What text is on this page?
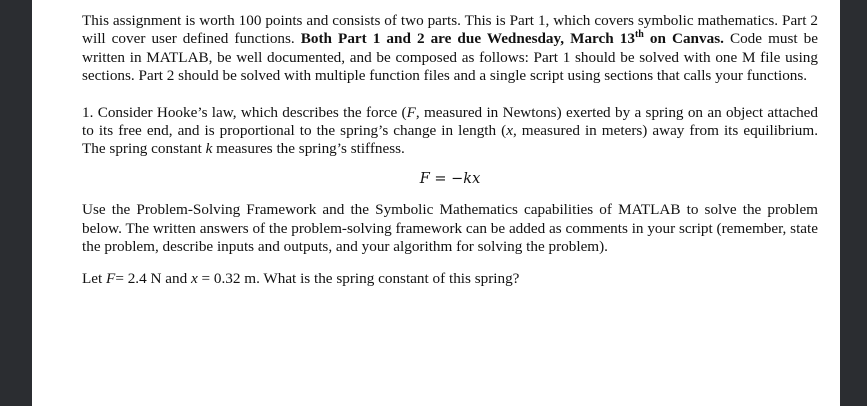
This assignment is worth 100 points and consists of two parts. This is Part 1, which covers symbolic mathematics. Part 2 will cover user defined functions. Both Part 1 and 2 are due Wednesday, March 13th on Canvas. Code must be written in MATLAB, be well documented, and be composed as follows: Part 1 should be solved with one M file using sections. Part 2 should be solved with multiple function files and a single script using sections that calls your functions.

1. Consider Hooke’s law, which describes the force (F, measured in Newtons) exerted by a spring on an object attached to its free end, and is proportional to the spring’s change in length (x, measured in meters) away from its equilibrium. The spring constant k measures the spring’s stiffness.

F = −kx

Use the Problem-Solving Framework and the Symbolic Mathematics capabilities of MATLAB to solve the problem below. The written answers of the problem-solving framework can be added as comments in your script (remember, state the problem, describe inputs and outputs, and your algorithm for solving the problem).

Let F= 2.4 N and x = 0.32 m. What is the spring constant of this spring?
